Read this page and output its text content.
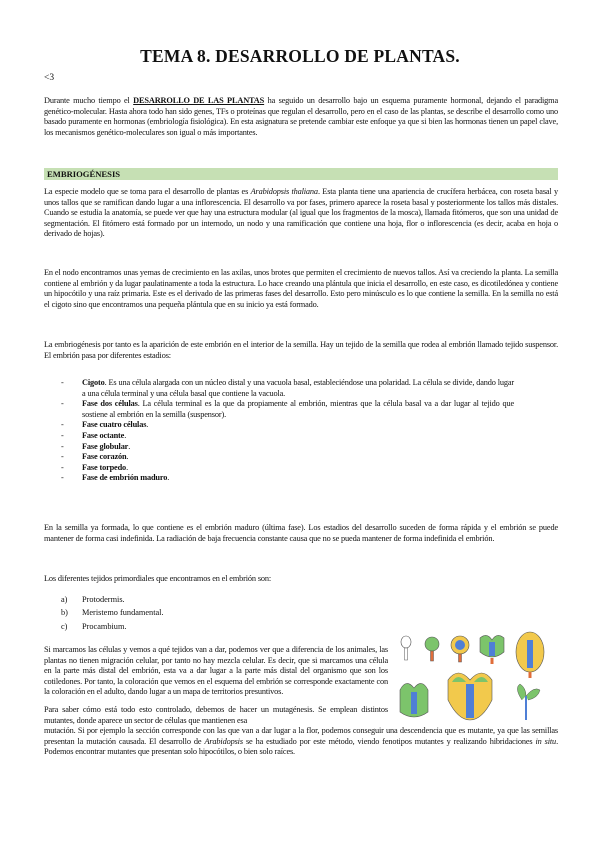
TEMA 8. DESARROLLO DE PLANTAS.
<3
Durante mucho tiempo el DESARROLLO DE LAS PLANTAS ha seguido un desarrollo bajo un esquema puramente hormonal, dejando el paradigma genético-molecular. Hasta ahora todo han sido genes, TFs o proteínas que regulan el desarrollo, pero en el caso de las plantas, se describe el desarrollo como uno basado puramente en hormonas (embriología fisiológica). En esta asignatura se pretende cambiar este enfoque ya que si bien las hormonas tienen un papel clave, los mecanismos genético-moleculares son igual o más importantes.
EMBRIOGÉNESIS
La especie modelo que se toma para el desarrollo de plantas es Arabidopsis thaliana. Esta planta tiene una apariencia de crucífera herbácea, con roseta basal y unos tallos que se ramifican dando lugar a una inflorescencia. El desarrollo va por fases, primero aparece la roseta basal y posteriormente los tallos más distales. Cuando se estudia la anatomía, se puede ver que hay una estructura modular (al igual que los fragmentos de la mosca), llamada fitómeros, que son una unidad de segmentación. El fitómero está formado por un internodo, un nodo y una ramificación que contiene una hoja, flor o inflorescencia (es decir, acaba en hoja o derivado de hojas).
En el nodo encontramos unas yemas de crecimiento en las axilas, unos brotes que permiten el crecimiento de nuevos tallos. Así va creciendo la planta. La semilla contiene al embrión y da lugar paulatinamente a toda la estructura. Lo hace creando una plántula que inicia el desarrollo, en este caso, es dicotiledónea y contiene un hipocótilo y una raíz primaria. Este es el derivado de las primeras fases del desarrollo. Esto pero minúsculo es lo que contiene la semilla. En la semilla no está el cigoto sino que encontramos una pequeña plántula que en su inicio ya está formado.
La embriogénesis por tanto es la aparición de este embrión en el interior de la semilla. Hay un tejido de la semilla que rodea al embrión llamado tejido suspensor. El embrión pasa por diferentes estadios:
- Cigoto. Es una célula alargada con un núcleo distal y una vacuola basal, estableciéndose una polaridad. La célula se divide, dando lugar a una célula terminal y una célula basal que contiene la vacuola.
- Fase dos células. La célula terminal es la que da propiamente al embrión, mientras que la célula basal va a dar lugar al tejido que sostiene al embrión en la semilla (suspensor).
- Fase cuatro células.
- Fase octante.
- Fase globular.
- Fase corazón.
- Fase torpedo.
- Fase de embrión maduro.
En la semilla ya formada, lo que contiene es el embrión maduro (última fase). Los estadios del desarrollo suceden de forma rápida y el embrión se puede mantener de forma casi indefinida. La radiación de baja frecuencia constante causa que no se pueda mantener de forma indefinida el embrión.
Los diferentes tejidos primordiales que encontramos en el embrión son:
a) Protodermis.
b) Meristemo fundamental.
c) Procambium.
Si marcamos las células y vemos a qué tejidos van a dar, podemos ver que a diferencia de los animales, las plantas no tienen migración celular, por tanto no hay mezcla celular. Es decir, que si marcamos una célula en la parte más distal del embrión, esta va a dar lugar a la parte más distal del organismo que son los cotiledones. Por tanto, la coloración que vemos en el esquema del embrión se corresponde exactamente con la coloración en el adulto, dando lugar a un mapa de territorios presuntivos.
Para saber cómo está todo esto controlado, debemos de hacer un mutagénesis. Se emplean distintos mutantes, donde aparece un sector de células que mantienen esa
mutación. Si por ejemplo la sección corresponde con las que van a dar lugar a la flor, podemos conseguir una descendencia que es mutante, ya que las semillas presentan la mutación causada. El desarrollo de Arabidopsis se ha estudiado por este método, viendo fenotipos mutantes y realizando hibridaciones in situ. Podemos encontrar mutantes que presentan solo hipocótilos, o bien solo raíces.
